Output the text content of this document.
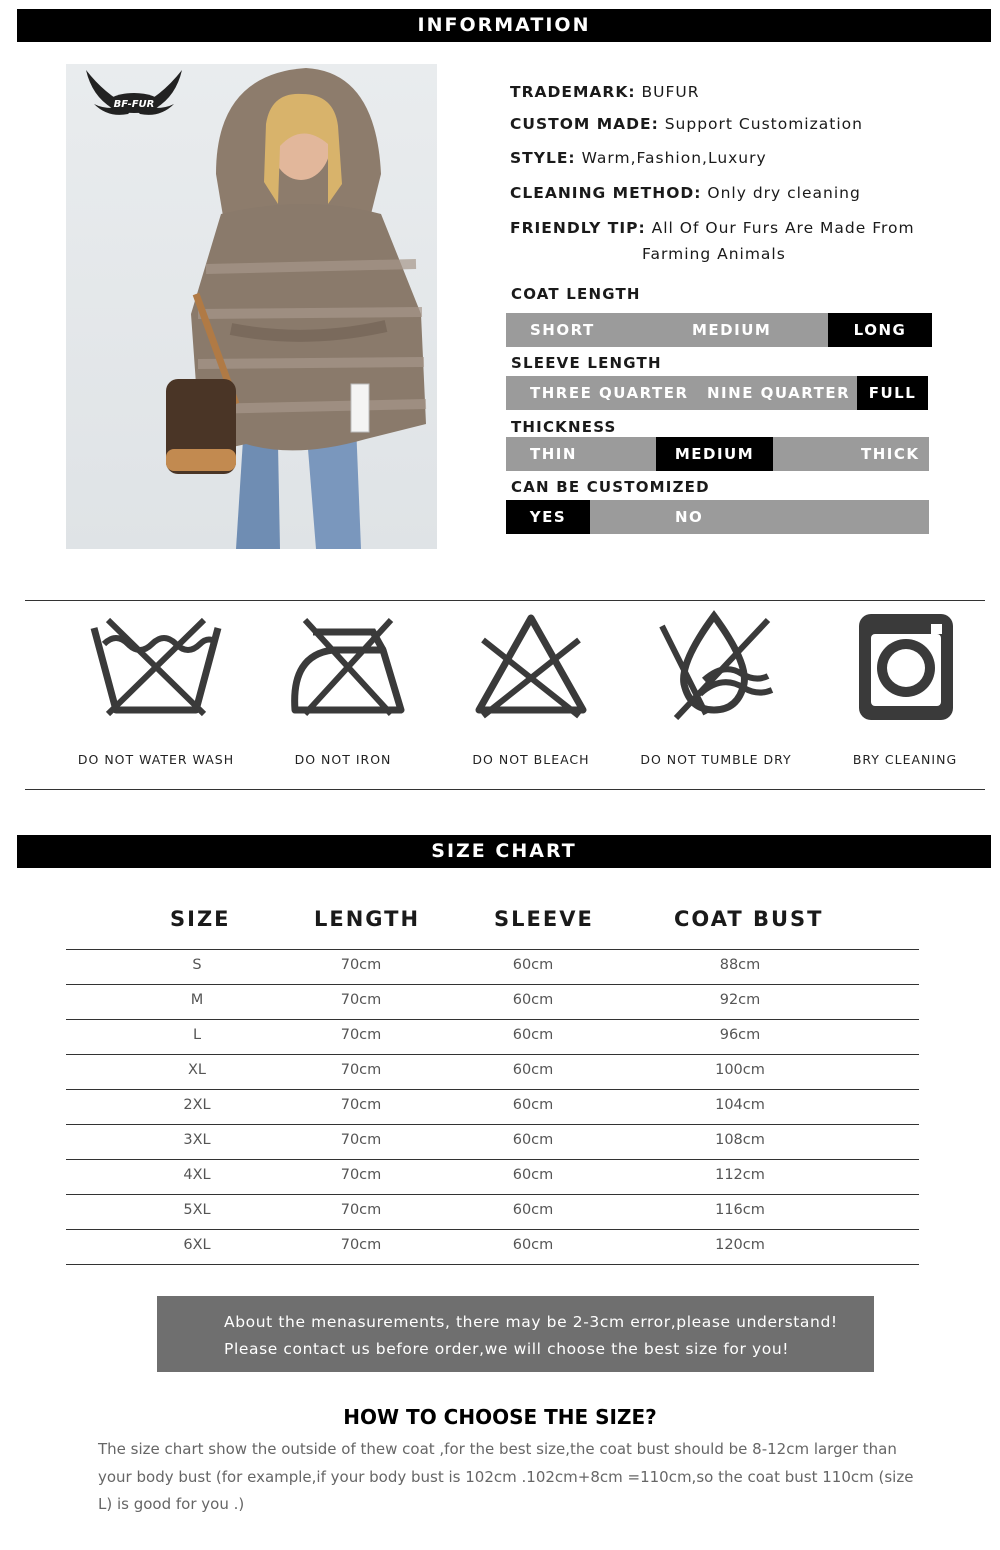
INFORMATION
BF-FUR
TRADEMARK: BUFUR
CUSTOM MADE: Support Customization
STYLE: Warm,Fashion,Luxury
CLEANING METHOD: Only dry cleaning
FRIENDLY TIP: All Of Our Furs Are Made From
Farming Animals
COAT LENGTH
SHORT	MEDIUM	LONG
SLEEVE LENGTH
THREE QUARTER NINE QUARTER	FULL
THICKNESS
THIN	MEDIUM	THICK
CAN BE CUSTOMIZED
YES	NO
DO NOT WATER WASH	DO NOT IRON	DO NOT BLEACH	DO NOT TUMBLE DRY	BRY CLEANING
SIZE CHART
SIZE	LENGTH	SLEEVE	COAT BUST
S	70cm	60cm	88cm
M	70cm	60cm	92cm
L	70cm	60cm	96cm
XL	70cm	60cm	100cm
2XL	70cm	60cm	104cm
3XL	70cm	60cm	108cm
4XL	70cm	60cm	112cm
5XL	70cm	60cm	116cm
6XL	70cm	60cm	120cm
About the menasurements, there may be 2-3cm error,please understand!
Please contact us before order,we will choose the best size for you!
HOW TO CHOOSE THE SIZE?
The size chart show the outside of thew coat ,for the best size,the coat bust should be 8-12cm larger than your body bust (for example,if your body bust is 102cm .102cm+8cm =110cm,so the coat bust 110cm (size L) is good for you .)
